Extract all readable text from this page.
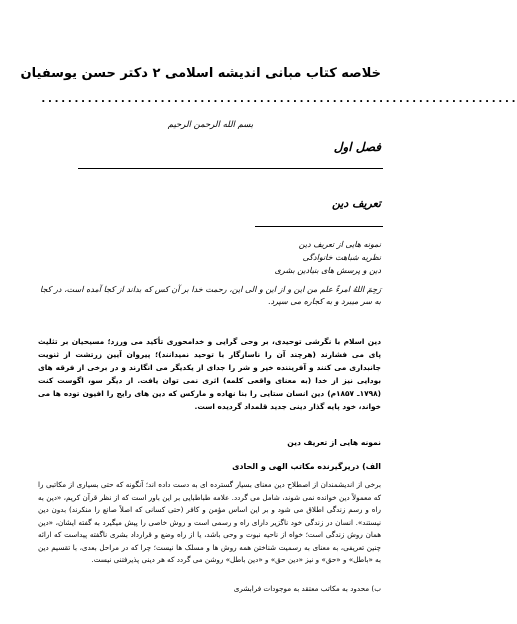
خلاصه کتاب مبانی اندیشه اسلامی ۲ دکتر حسن یوسفیان
........................................................................
بسم الله الرحمن الرحیم
فصل اول
تعریف دین
نمونه هایی از تعریف دین
نظریه شباهت خانوادگی
دین و پرسش های بنیادین بشری
رَحِمَ اللهُ امرءً علم من این و از این و الی این، رحمت خدا بر آن کس که بداند از کجا آمده است، در کجا به سر میبرد و به کجاره می سپرد.
دین اسلام با نگرشی توحیدی، بر وحی گرایی و خدامحوری تأکید می ورزد؛ مسیحیان بر تثلیث پای می فشارند (هرچند آن را ناسازگار با توحید نمیدانند)؛ پیروان آیین زرتشت از ثنویت جانبداری می کنند و آفریننده خیر و شر را جدای از یکدیگر می انگارند و در برخی از فرقه های بودایی نیز از خدا (به معنای واقعی کلمه) اثری نمی توان یافت. از دیگر سو، اگوست کنت (۱۷۹۸ـ ۱۸۵۷م) دین انسان ستایی را بنا نهاده و مارکس که دین های رایج را افیون توده ها می خواند، خود پایه گذار دینی جدید قلمداد گردیده است.
نمونه هایی از تعریف دین
الف) دریرگیرنده مکاتب الهی و الحادی
برخی از اندیشمندان از اصطلاح دین معنای بسیار گسترده ای به دست داده اند؛ آنگونه که حتی بسیاری از مکاتبی را که معمولاً دین خوانده نمی شوند، شامل می گردد. علامه طباطبایی بر این باور است که از نظر قرآن کریم، «دین به راه و رسم زندگی اطلاق می شود و بر این اساس مؤمن و کافر (حتی کسانی که اصلاً صانع را منکرند) بدون دین نیستند». انسان در زندگی خود ناگزیر دارای راه و رسمی است و روش خاصی را پیش میگیرد به گفته ایشان، «دین همان روش زندگی است؛ خواه از ناحیه نبوت و وحی باشد، یا از راه وضع و قرارداد بشری ناگفته پیداست که ارائه چنین تعریفی، به معنای به رسمیت شناختن همه روش ها و مسلک ها نیست؛ چرا که در مراحل بعدی، با تقسیم دین به «باطل» و «حق» و نیز «دین حق» و «دین باطل» روشن می گردد که هر دینی پذیرفتنی نیست.
ب) محدود به مکاتب معتقد به موجودات فرابشری
